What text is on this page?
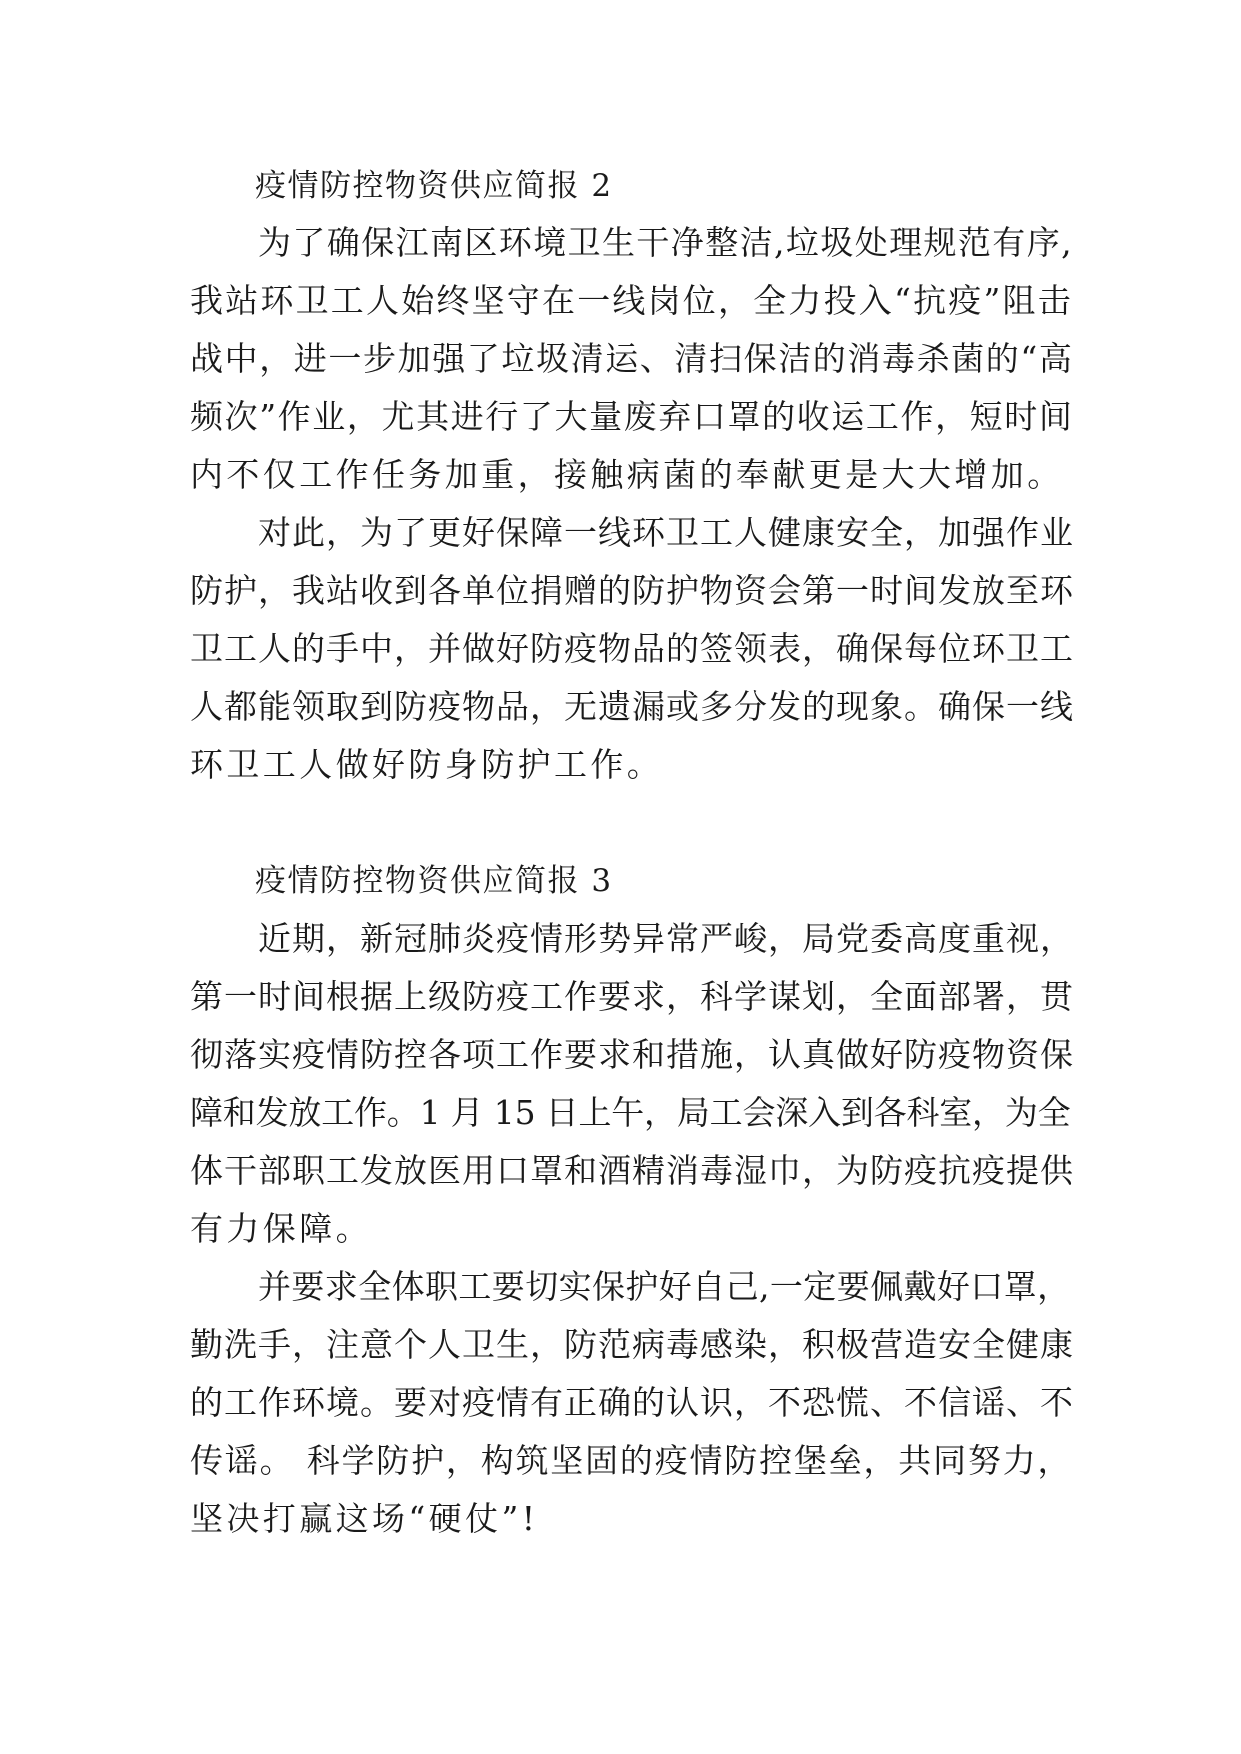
疫情防控物资供应简报 2
为了确保江南区环境卫生干净整洁,垃圾处理规范有序,
我站环卫工人始终坚守在一线岗位，全力投入“抗疫”阻击
战中，进一步加强了垃圾清运、清扫保洁的消毒杀菌的“高
频次”作业，尤其进行了大量废弃口罩的收运工作，短时间
内不仅工作任务加重，接触病菌的奉献更是大大增加。
对此，为了更好保障一线环卫工人健康安全，加强作业
防护，我站收到各单位捐赠的防护物资会第一时间发放至环
卫工人的手中，并做好防疫物品的签领表，确保每位环卫工
人都能领取到防疫物品，无遗漏或多分发的现象。确保一线
环卫工人做好防身防护工作。
疫情防控物资供应简报 3
近期，新冠肺炎疫情形势异常严峻，局党委高度重视，
第一时间根据上级防疫工作要求，科学谋划，全面部署，贯
彻落实疫情防控各项工作要求和措施，认真做好防疫物资保
障和发放工作。1 月 15 日上午，局工会深入到各科室，为全
体干部职工发放医用口罩和酒精消毒湿巾，为防疫抗疫提供
有力保障。
并要求全体职工要切实保护好自己,一定要佩戴好口罩，
勤洗手，注意个人卫生，防范病毒感染，积极营造安全健康
的工作环境。要对疫情有正确的认识，不恐慌、不信谣、不
传谣。 科学防护，构筑坚固的疫情防控堡垒，共同努力，
坚决打赢这场“硬仗”!
